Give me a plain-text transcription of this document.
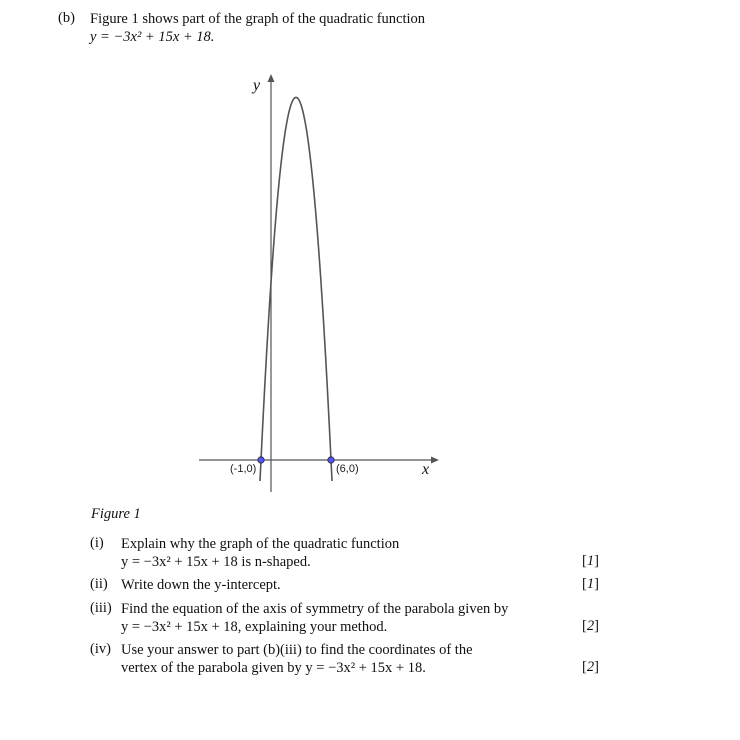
(b) Figure 1 shows part of the graph of the quadratic function
y = −3x² + 15x + 18.
y
x
(-1,0)	(6,0)
Figure 1
(i) Explain why the graph of the quadratic function
y = −3x² + 15x + 18 is n-shaped.	[1]
(ii) Write down the y-intercept.	[1]
(iii) Find the equation of the axis of symmetry of the parabola given by
y = −3x² + 15x + 18, explaining your method.	[2]
(iv) Use your answer to part (b)(iii) to find the coordinates of the
vertex of the parabola given by y = −3x² + 15x + 18.	[2]
